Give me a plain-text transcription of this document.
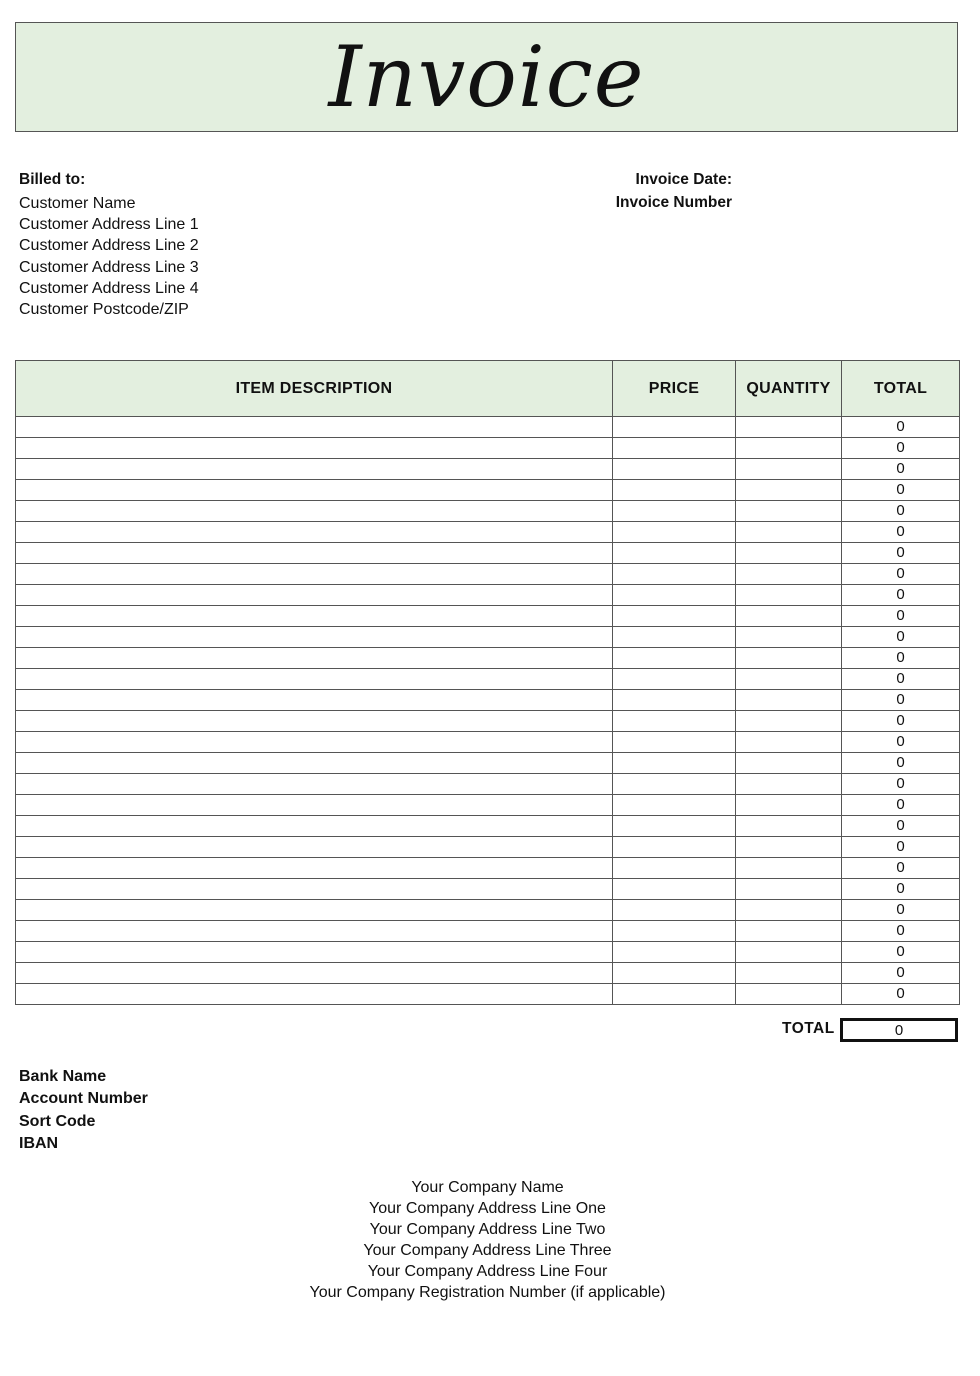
Invoice
Billed to:
Customer Name
Customer Address Line 1
Customer Address Line 2
Customer Address Line 3
Customer Address Line 4
Customer Postcode/ZIP
Invoice Date:
Invoice Number
ITEM DESCRIPTION	PRICE	QUANTITY	TOTAL
			0
			0
			0
			0
			0
			0
			0
			0
			0
			0
			0
			0
			0
			0
			0
			0
			0
			0
			0
			0
			0
			0
			0
			0
			0
			0
			0
			0
TOTAL	0
Bank Name
Account Number
Sort Code
IBAN
Your Company Name
Your Company Address Line One
Your Company Address Line Two
Your Company Address Line Three
Your Company Address Line Four
Your Company Registration Number (if applicable)
